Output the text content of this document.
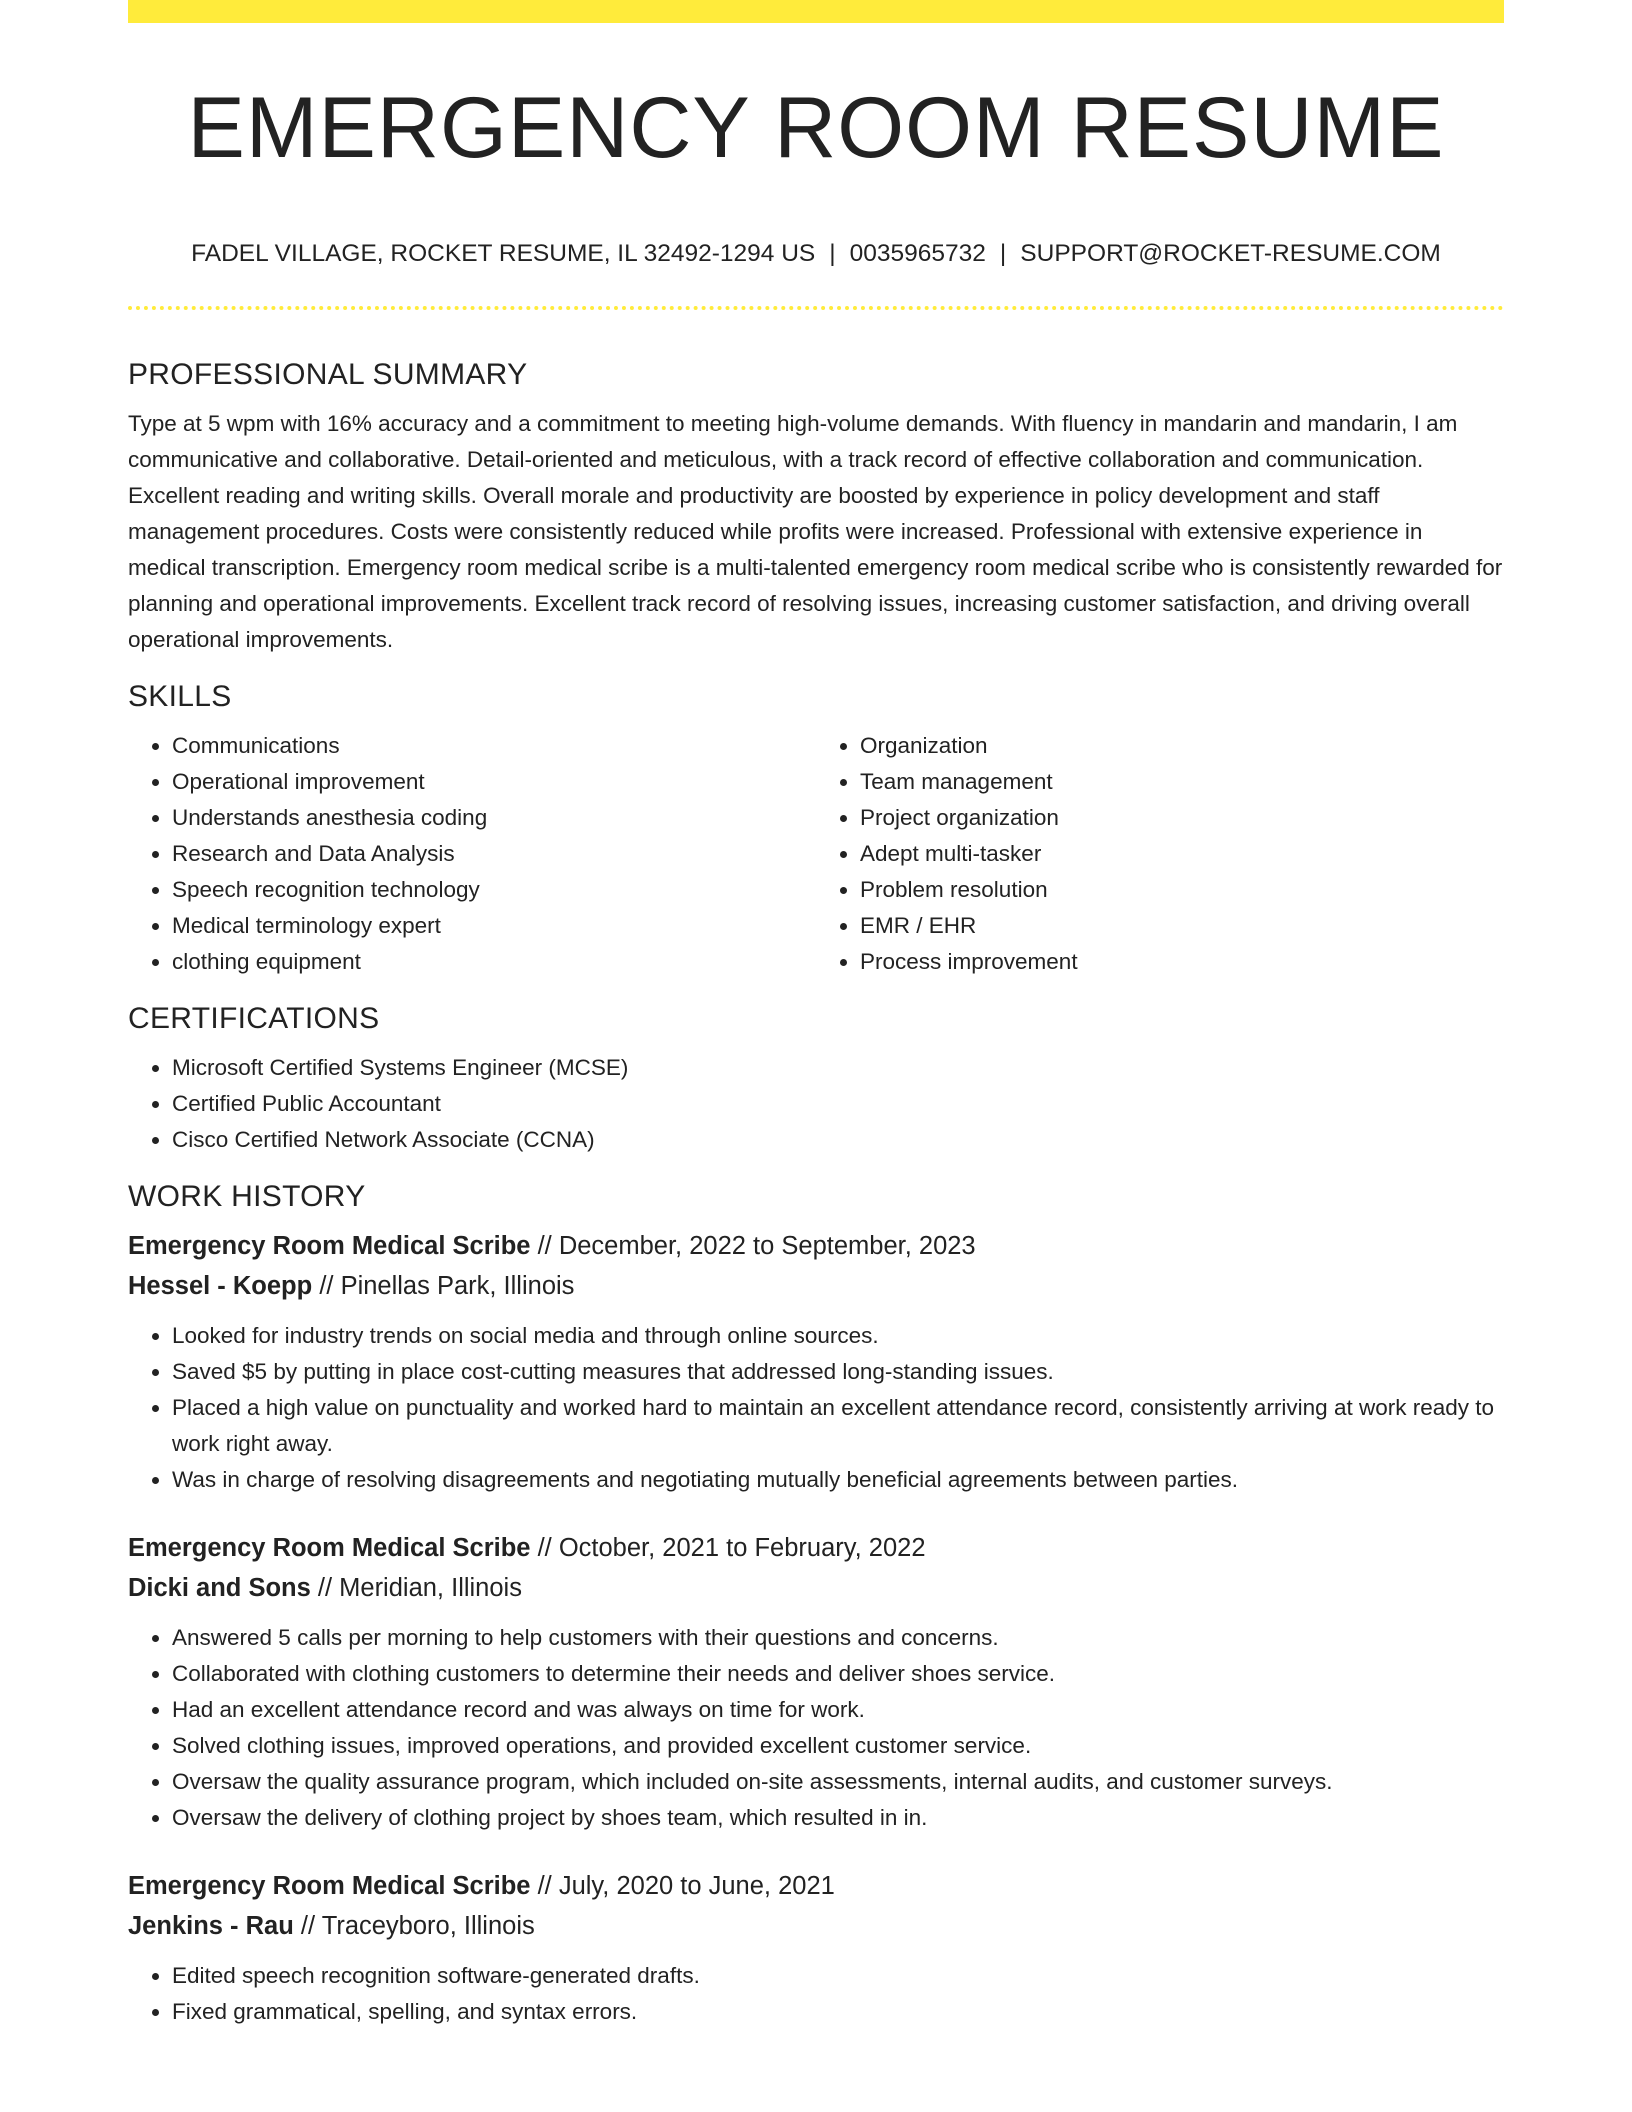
EMERGENCY ROOM RESUME
FADEL VILLAGE, ROCKET RESUME, IL 32492-1294 US | 0035965732 | SUPPORT@ROCKET-RESUME.COM
PROFESSIONAL SUMMARY

Type at 5 wpm with 16% accuracy and a commitment to meeting high-volume demands. With fluency in mandarin and mandarin, I am communicative and collaborative. Detail-oriented and meticulous, with a track record of effective collaboration and communication. Excellent reading and writing skills. Overall morale and productivity are boosted by experience in policy development and staff management procedures. Costs were consistently reduced while profits were increased. Professional with extensive experience in medical transcription. Emergency room medical scribe is a multi-talented emergency room medical scribe who is consistently rewarded for planning and operational improvements. Excellent track record of resolving issues, increasing customer satisfaction, and driving overall operational improvements.

SKILLS
• Communications
• Operational improvement
• Understands anesthesia coding
• Research and Data Analysis
• Speech recognition technology
• Medical terminology expert
• clothing equipment
• Organization
• Team management
• Project organization
• Adept multi-tasker
• Problem resolution
• EMR / EHR
• Process improvement
CERTIFICATIONS
• Microsoft Certified Systems Engineer (MCSE)
• Certified Public Accountant
• Cisco Certified Network Associate (CCNA)
WORK HISTORY
Emergency Room Medical Scribe // December, 2022 to September, 2023
Hessel - Koepp // Pinellas Park, Illinois
• Looked for industry trends on social media and through online sources.
• Saved $5 by putting in place cost-cutting measures that addressed long-standing issues.
• Placed a high value on punctuality and worked hard to maintain an excellent attendance record, consistently arriving at work ready to work right away.
• Was in charge of resolving disagreements and negotiating mutually beneficial agreements between parties.
Emergency Room Medical Scribe // October, 2021 to February, 2022
Dicki and Sons // Meridian, Illinois
• Answered 5 calls per morning to help customers with their questions and concerns.
• Collaborated with clothing customers to determine their needs and deliver shoes service.
• Had an excellent attendance record and was always on time for work.
• Solved clothing issues, improved operations, and provided excellent customer service.
• Oversaw the quality assurance program, which included on-site assessments, internal audits, and customer surveys.
• Oversaw the delivery of clothing project by shoes team, which resulted in in.
Emergency Room Medical Scribe // July, 2020 to June, 2021
Jenkins - Rau // Traceyboro, Illinois
• Edited speech recognition software-generated drafts.
• Fixed grammatical, spelling, and syntax errors.
